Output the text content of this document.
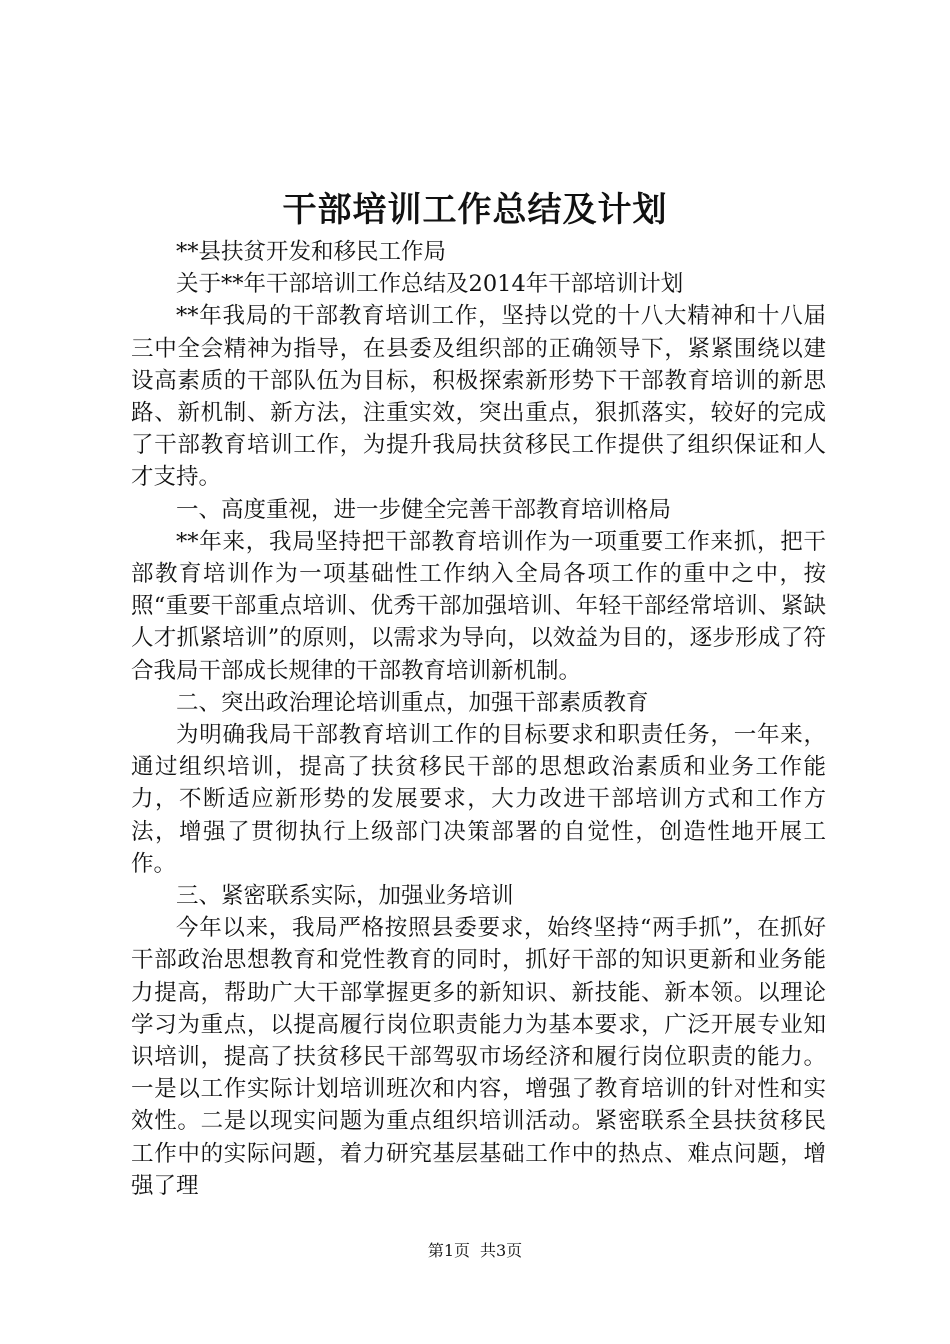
干部培训工作总结及计划

**县扶贫开发和移民工作局

关于**年干部培训工作总结及2014年干部培训计划

**年我局的干部教育培训工作，坚持以党的十八大精神和十八届三中全会精神为指导，在县委及组织部的正确领导下，紧紧围绕以建设高素质的干部队伍为目标，积极探索新形势下干部教育培训的新思路、新机制、新方法，注重实效，突出重点，狠抓落实，较好的完成了干部教育培训工作，为提升我局扶贫移民工作提供了组织保证和人才支持。

一、高度重视，进一步健全完善干部教育培训格局

**年来，我局坚持把干部教育培训作为一项重要工作来抓，把干部教育培训作为一项基础性工作纳入全局各项工作的重中之中，按照“重要干部重点培训、优秀干部加强培训、年轻干部经常培训、紧缺人才抓紧培训”的原则，以需求为导向，以效益为目的，逐步形成了符合我局干部成长规律的干部教育培训新机制。

二、突出政治理论培训重点，加强干部素质教育

为明确我局干部教育培训工作的目标要求和职责任务，一年来，通过组织培训，提高了扶贫移民干部的思想政治素质和业务工作能力，不断适应新形势的发展要求，大力改进干部培训方式和工作方法，增强了贯彻执行上级部门决策部署的自觉性，创造性地开展工作。

三、紧密联系实际，加强业务培训

今年以来，我局严格按照县委要求，始终坚持“两手抓”，在抓好干部政治思想教育和党性教育的同时，抓好干部的知识更新和业务能力提高，帮助广大干部掌握更多的新知识、新技能、新本领。以理论学习为重点，以提高履行岗位职责能力为基本要求，广泛开展专业知识培训，提高了扶贫移民干部驾驭市场经济和履行岗位职责的能力。一是以工作实际计划培训班次和内容，增强了教育培训的针对性和实效性。二是以现实问题为重点组织培训活动。紧密联系全县扶贫移民工作中的实际问题，着力研究基层基础工作中的热点、难点问题，增强了理

第1页 共3页
